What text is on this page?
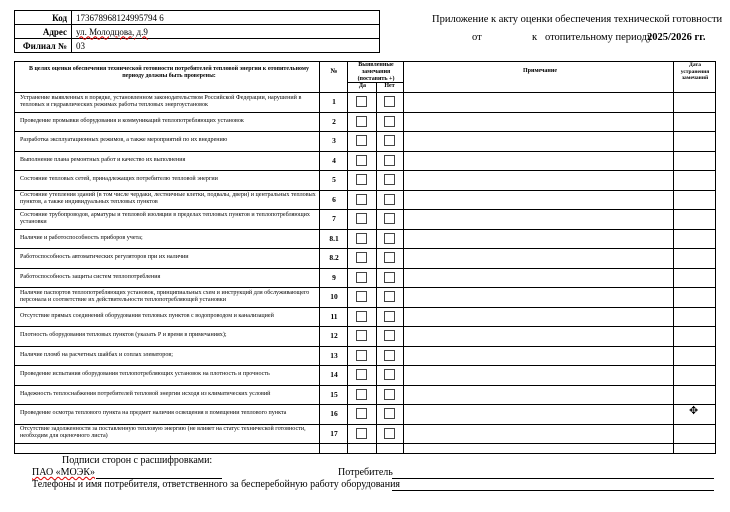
Код	173678968124995794 6
Адрес	ул. Молодцова, д.9
Филиал №	03
Приложение к акту оценки обеспечения технической готовности
от	к отопительному периоду
2025/2026 гг.
В целях оценки обеспечения технической готовности потребителей тепловой энергии к отопительному периоду должны быть проверены:
№
Выявленные замечания (поставить +)
Да	Нет
Примечание
Дата устранения замечаний
Устранение выявленных в порядке, установленном законодательством Российской Федерации, нарушений в тепловых и гидравлических режимах работы тепловых энергоустановок	1
Проведение промывки оборудования и коммуникаций теплопотребляющих установок	2
Разработка эксплуатационных режимов, а также мероприятий по их внедрению	3
Выполнение плана ремонтных работ и качество их выполнения	4
Состояние тепловых сетей, принадлежащих потребителю тепловой энергии	5
Состояние утепления зданий (в том числе чердаки, лестничные клетки, подвалы, двери) и центральных тепловых пунктов, а также индивидуальных тепловых пунктов	6
Состояние трубопроводов, арматуры и тепловой изоляции в пределах тепловых пунктов и теплопотребляющих установки	7
Наличие и работоспособность приборов учета;	8.1
Работоспособность автоматических регуляторов при их наличии	8.2
Работоспособность защиты систем теплопотребления	9
Наличие паспортов теплопотребляющих установок, принципиальных схем и инструкций для обслуживающего персонала и соответствие их действительности теплопотребляющей установки	10
Отсутствие прямых соединений оборудования тепловых пунктов с водопроводом и канализацией	11
Плотность оборудования тепловых пунктов (указать Р и время в примечаниях);	12
Наличие пломб на расчетных шайбах и соплах элеваторов;	13
Проведение испытания оборудования теплопотребляющих установок на плотность и прочность	14
Надежность теплоснабжения потребителей тепловой энергии исходя из климатических условий	15
Проведение осмотра теплового пункта на предмет наличия освещения в помещении теплового пункта	16
Отсутствие задолженности за поставленную тепловую энергию (не влияет на статус технической готовности, необходим для оценочного листа)	17
✥
Подписи сторон с расшифровками:
ПАО «МОЭК»	Потребитель
Телефоны и имя потребителя, ответственного за бесперебойную работу оборудования
